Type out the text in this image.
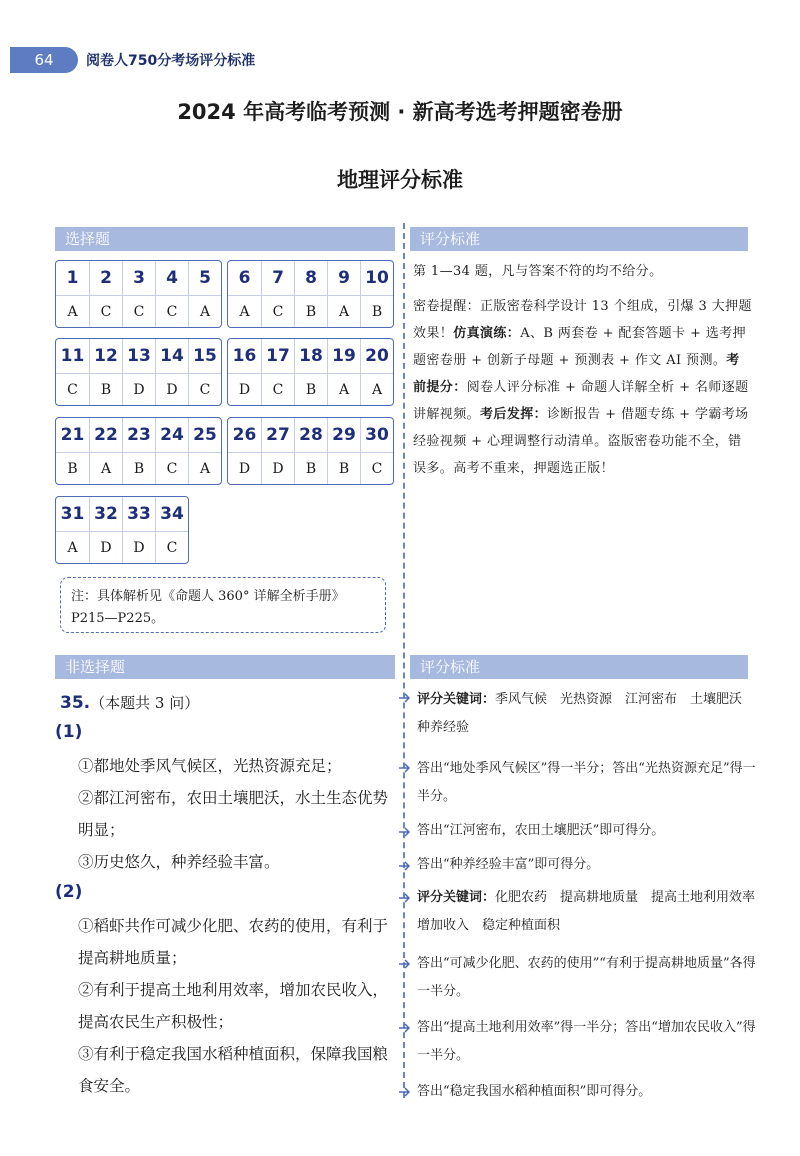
64	阅卷人750分考场评分标准
2024 年高考临考预测 · 新高考选考押题密卷册
地理评分标准
选择题	评分标准
1	2	3	4	5
A	C	C	C	A
6	7	8	9 10
A	C	B	A	B
11 12 13 14 15
C	B	D	D	C
16 17 18 19 20
D	C	B	A	A
21 22 23 24 25
B	A	B	C	A
26 27 28 29 30
D	D	B	B	C
31 32 33 34
A	D	D	C
注：具体解析见《命题人 360° 详解全析手册》
P215—P225。
第 1—34 题，凡与答案不符的均不给分。
密卷提醒：正版密卷科学设计 13 个组成，引爆 3 大押题效果！仿真演练：A、B 两套卷 + 配套答题卡 + 选考押题密卷册 + 创新子母题 + 预测表 + 作文 AI 预测。考前提分：阅卷人评分标准 + 命题人详解全析 + 名师逐题讲解视频。考后发挥：诊断报告 + 借题专练 + 学霸考场经验视频 + 心理调整行动清单。盗版密卷功能不全，错误多。高考不重来，押题选正版！
非选择题	评分标准
35.（本题共 3 问）
(1)
①都地处季风气候区，光热资源充足；
②都江河密布，农田土壤肥沃，水土生态优势明显；
③历史悠久，种养经验丰富。
(2)
①稻虾共作可减少化肥、农药的使用，有利于提高耕地质量；
②有利于提高土地利用效率，增加农民收入，提高农民生产积极性；
③有利于稳定我国水稻种植面积，保障我国粮食安全。
评分关键词：季风气候　光热资源　江河密布　土壤肥沃　种养经验
答出“地处季风气候区”得一半分；答出“光热资源充足”得一半分。
答出“江河密布，农田土壤肥沃”即可得分。
答出“种养经验丰富”即可得分。
评分关键词：化肥农药　提高耕地质量　提高土地利用效率　增加收入　稳定种植面积
答出“可减少化肥、农药的使用”“有利于提高耕地质量”各得一半分。
答出“提高土地利用效率”得一半分；答出“增加农民收入”得一半分。
答出“稳定我国水稻种植面积”即可得分。
